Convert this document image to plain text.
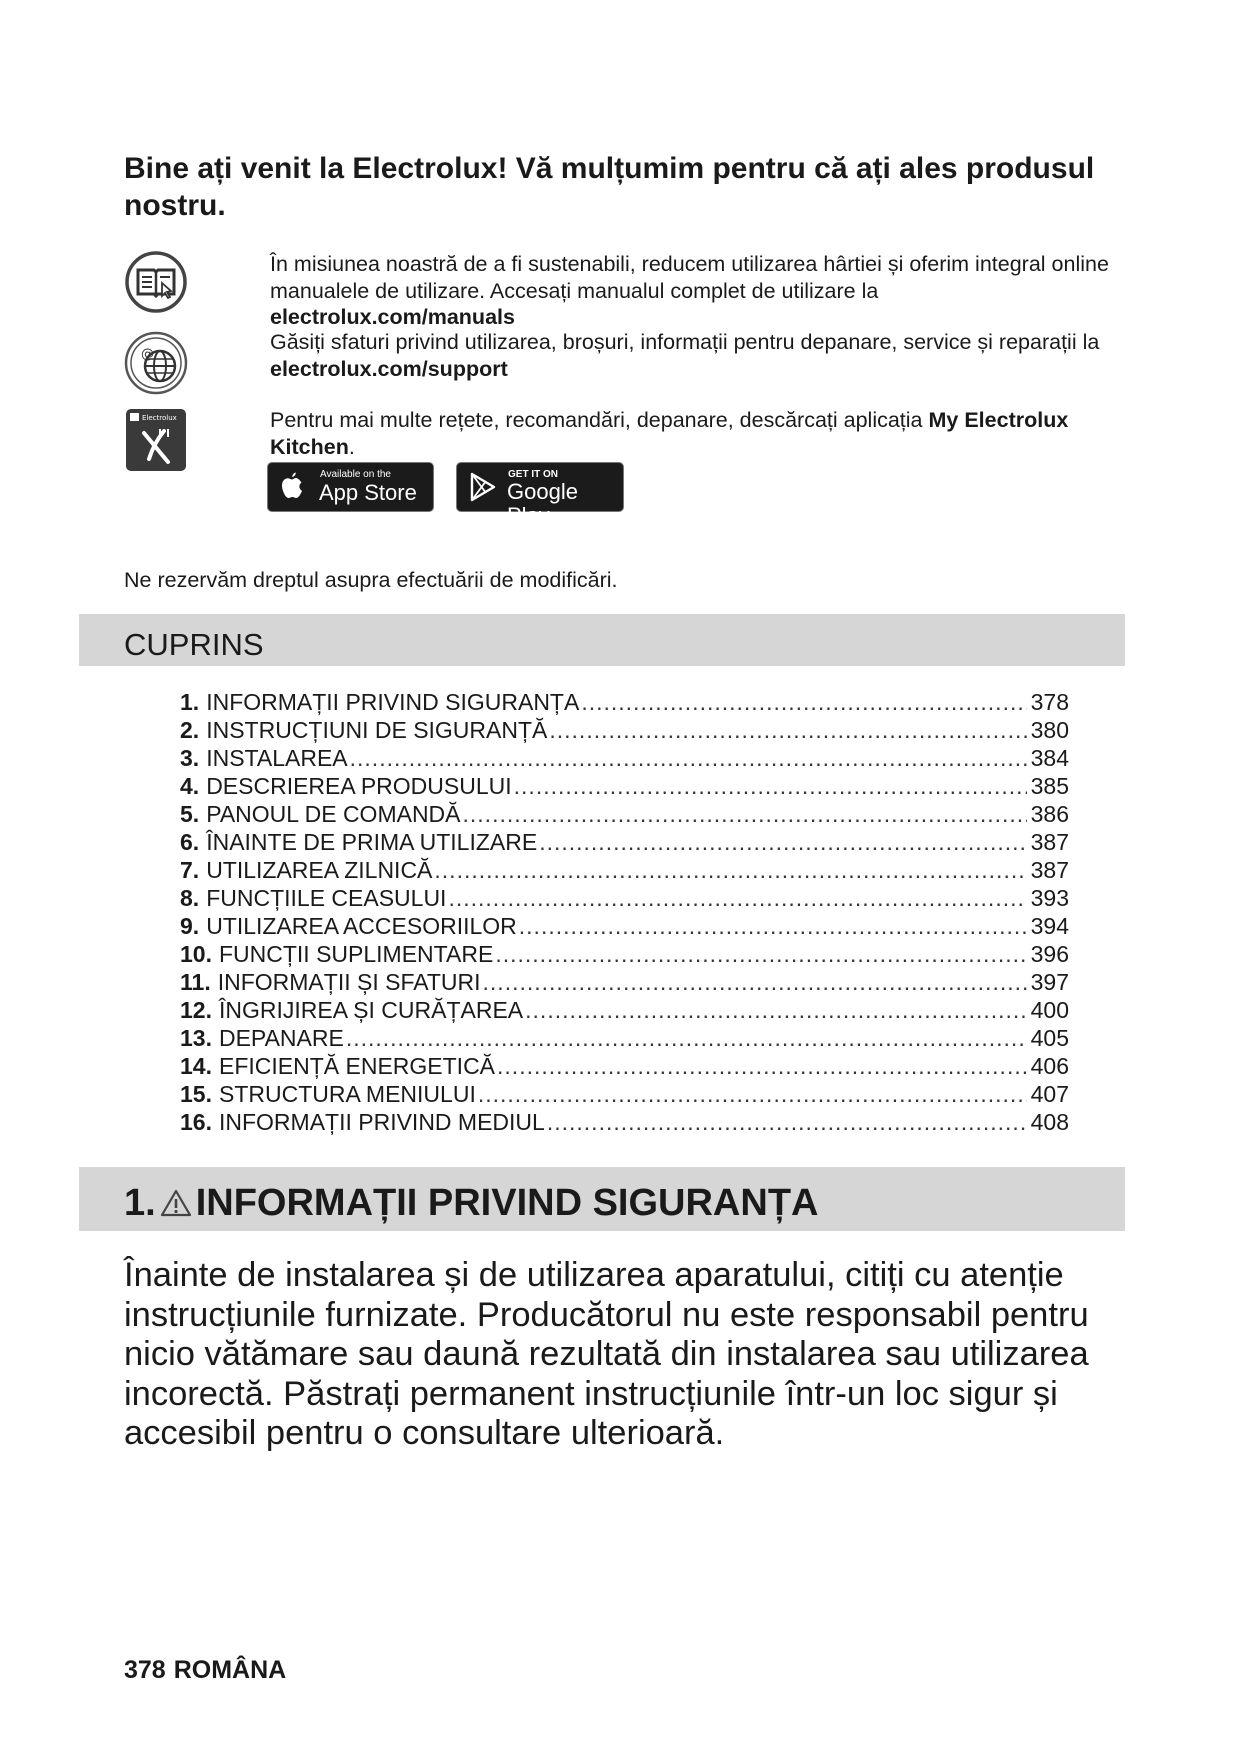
Bine ați venit la Electrolux! Vă mulțumim pentru că ați ales produsul nostru.
@
Electrolux
În misiunea noastră de a fi sustenabili, reducem utilizarea hârtiei și oferim integral online manualele de utilizare. Accesați manualul complet de utilizare la
electrolux.com/manuals
Găsiți sfaturi privind utilizarea, broșuri, informații pentru depanare, service și reparații la electrolux.com/support
Pentru mai multe rețete, recomandări, depanare, descărcați aplicația My Electrolux Kitchen.
Available on the
App Store
GET IT ON
Google Play
Ne rezervăm dreptul asupra efectuării de modificări.
CUPRINS
1. INFORMAȚII PRIVIND SIGURANȚA .....	378
2. INSTRUCȚIUNI DE SIGURANȚĂ .....	380
3. INSTALAREA .....	384
4. DESCRIEREA PRODUSULUI .....	385
5. PANOUL DE COMANDĂ .....	386
6. ÎNAINTE DE PRIMA UTILIZARE .....	387
7. UTILIZAREA ZILNICĂ .....	387
8. FUNCȚIILE CEASULUI .....	393
9. UTILIZAREA ACCESORIILOR .....	394
10. FUNCȚII SUPLIMENTARE .....	396
11. INFORMAȚII ȘI SFATURI .....	397
12. ÎNGRIJIREA ȘI CURĂȚAREA .....	400
13. DEPANARE .....	405
14. EFICIENȚĂ ENERGETICĂ .....	406
15. STRUCTURA MENIULUI .....	407
16. INFORMAȚII PRIVIND MEDIUL .....	408
1. INFORMAȚII PRIVIND SIGURANȚA

Înainte de instalarea și de utilizarea aparatului, citiți cu atenție instrucțiunile furnizate. Producătorul nu este responsabil pentru nicio vătămare sau daună rezultată din instalarea sau utilizarea incorectă. Păstrați permanent instrucțiunile într-un loc sigur și accesibil pentru o consultare ulterioară.

378 ROMÂNA
